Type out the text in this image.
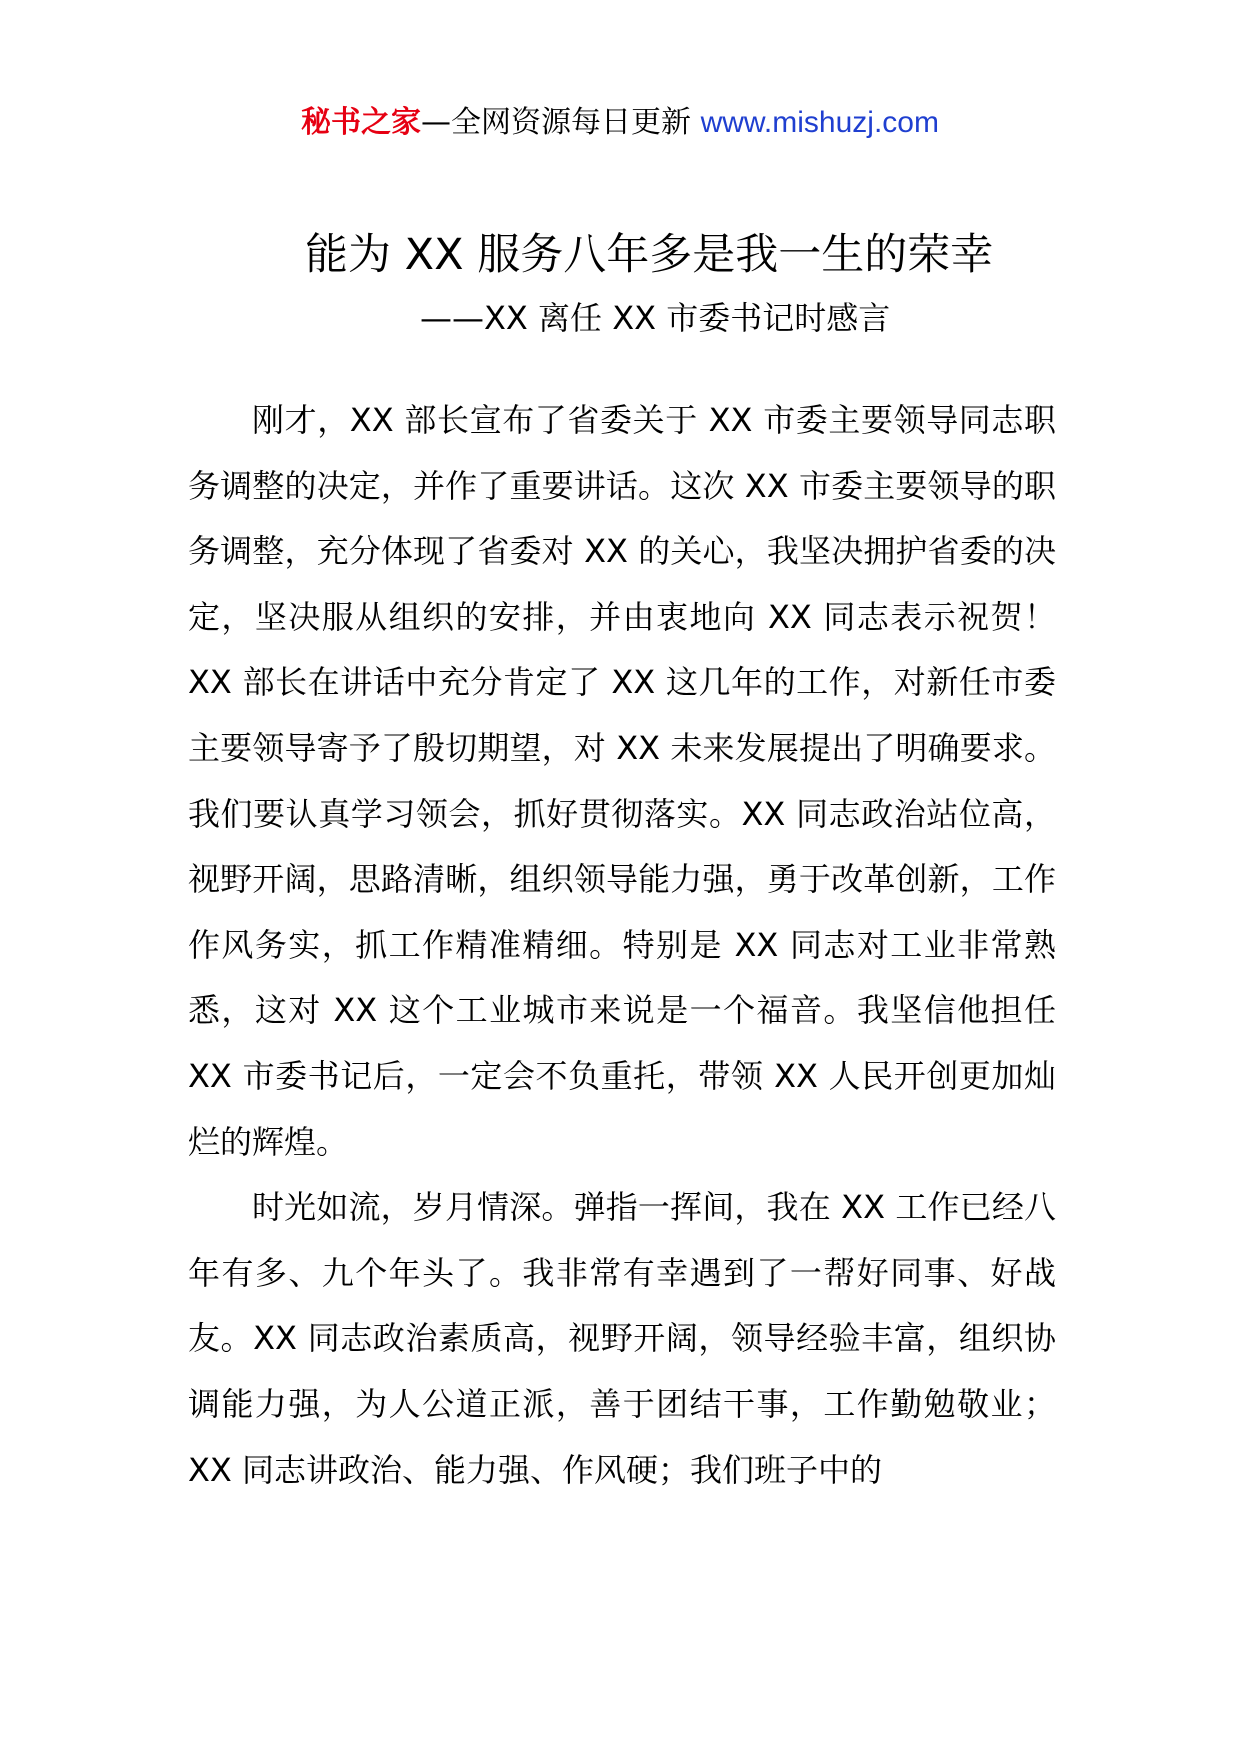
秘书之家—全网资源每日更新 www.mishuzj.com
能为 XX 服务八年多是我一生的荣幸
——XX 离任 XX 市委书记时感言

刚才，XX 部长宣布了省委关于 XX 市委主要领导同志职务调整的决定，并作了重要讲话。这次 XX 市委主要领导的职务调整，充分体现了省委对 XX 的关心，我坚决拥护省委的决定，坚决服从组织的安排，并由衷地向 XX 同志表示祝贺！XX 部长在讲话中充分肯定了 XX 这几年的工作，对新任市委主要领导寄予了殷切期望，对 XX 未来发展提出了明确要求。我们要认真学习领会，抓好贯彻落实。XX 同志政治站位高，视野开阔，思路清晰，组织领导能力强，勇于改革创新，工作作风务实，抓工作精准精细。特别是 XX 同志对工业非常熟悉，这对 XX 这个工业城市来说是一个福音。我坚信他担任 XX 市委书记后，一定会不负重托，带领 XX 人民开创更加灿烂的辉煌。

时光如流，岁月情深。弹指一挥间，我在 XX 工作已经八年有多、九个年头了。我非常有幸遇到了一帮好同事、好战友。XX 同志政治素质高，视野开阔，领导经验丰富，组织协调能力强，为人公道正派，善于团结干事，工作勤勉敬业；XX 同志讲政治、能力强、作风硬；我们班子中的
